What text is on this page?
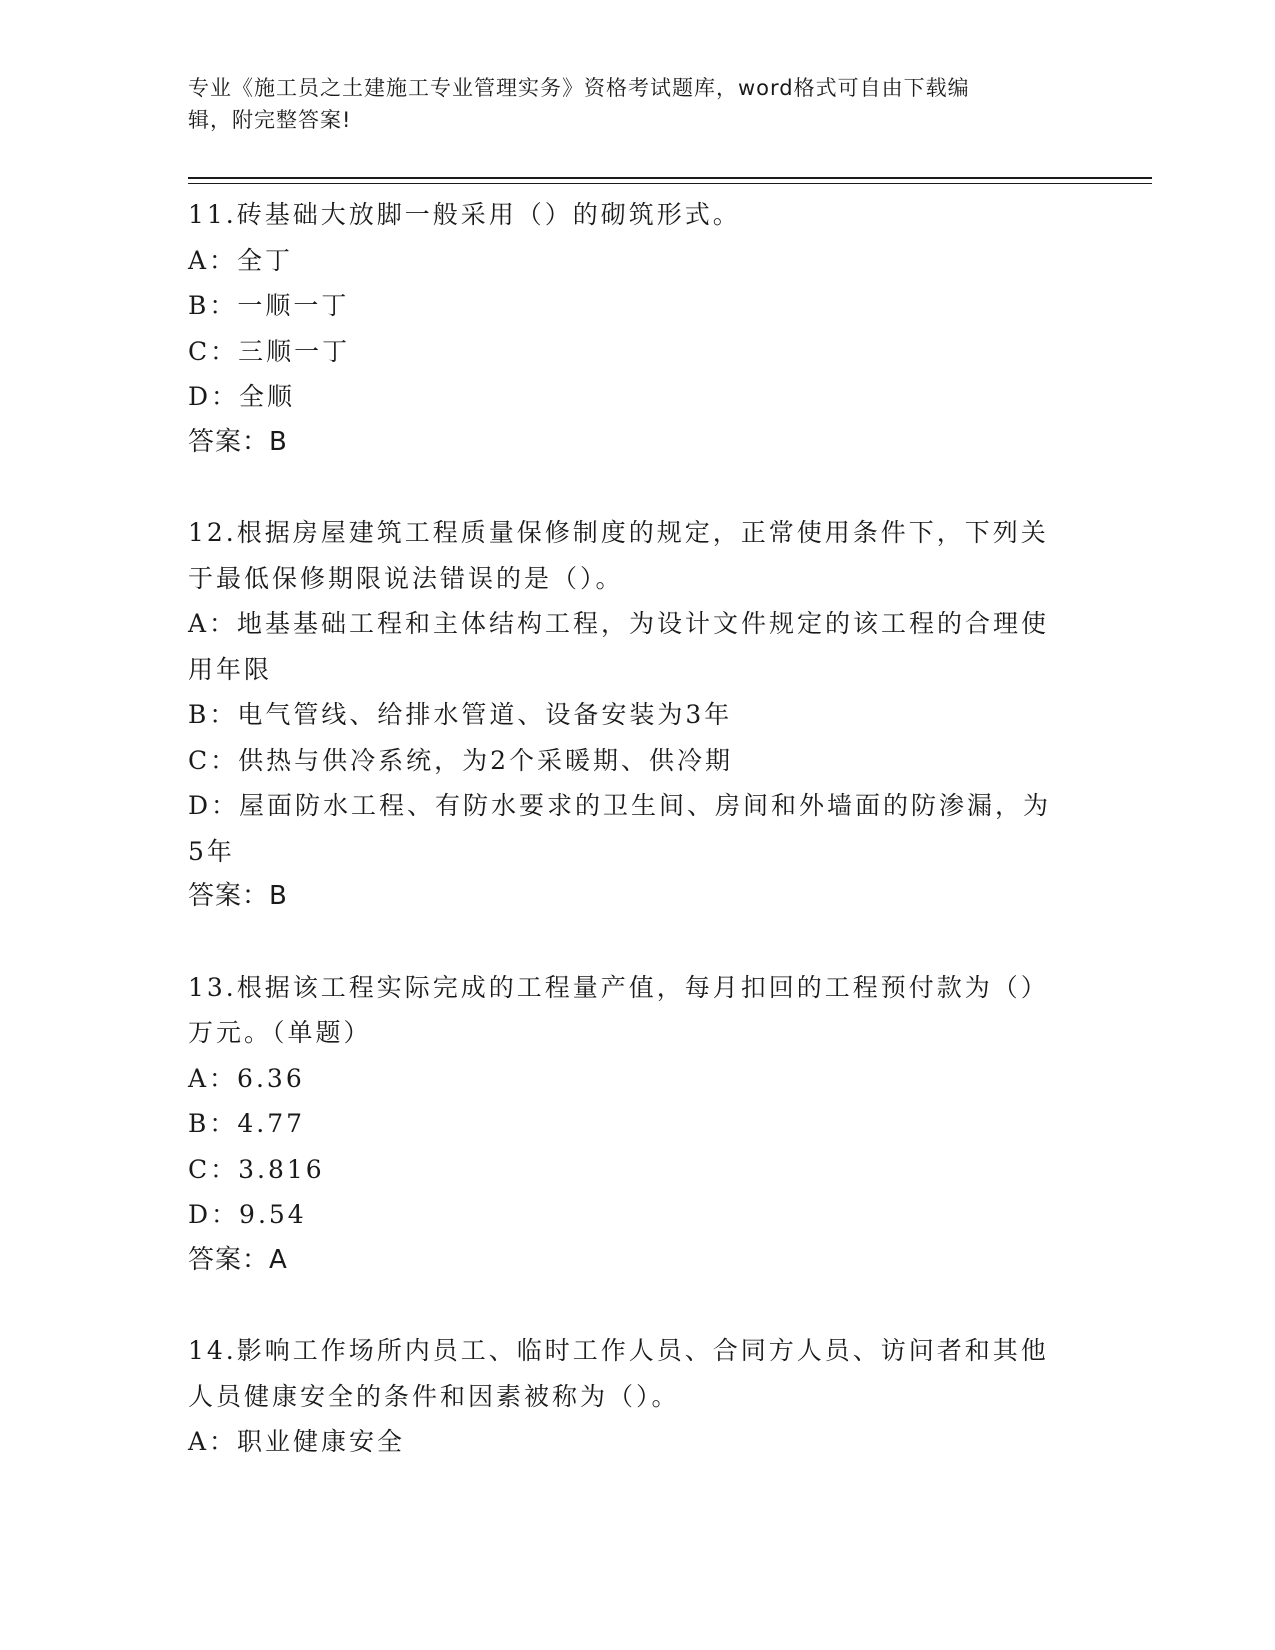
专业《施工员之土建施工专业管理实务》资格考试题库，word格式可自由下载编
辑，附完整答案!
11.砖基础大放脚一般采用（）的砌筑形式。
A：全丁
B：一顺一丁
C：三顺一丁
D：全顺
答案：B
12.根据房屋建筑工程质量保修制度的规定，正常使用条件下，下列关
于最低保修期限说法错误的是（）。
A：地基基础工程和主体结构工程，为设计文件规定的该工程的合理使
用年限
B：电气管线、给排水管道、设备安装为3年
C：供热与供冷系统，为2个采暖期、供冷期
D：屋面防水工程、有防水要求的卫生间、房间和外墙面的防渗漏，为
5年
答案：B
13.根据该工程实际完成的工程量产值，每月扣回的工程预付款为（）
万元。（单题）
A：6.36
B：4.77
C：3.816
D：9.54
答案：A
14.影响工作场所内员工、临时工作人员、合同方人员、访问者和其他
人员健康安全的条件和因素被称为（）。
A：职业健康安全
